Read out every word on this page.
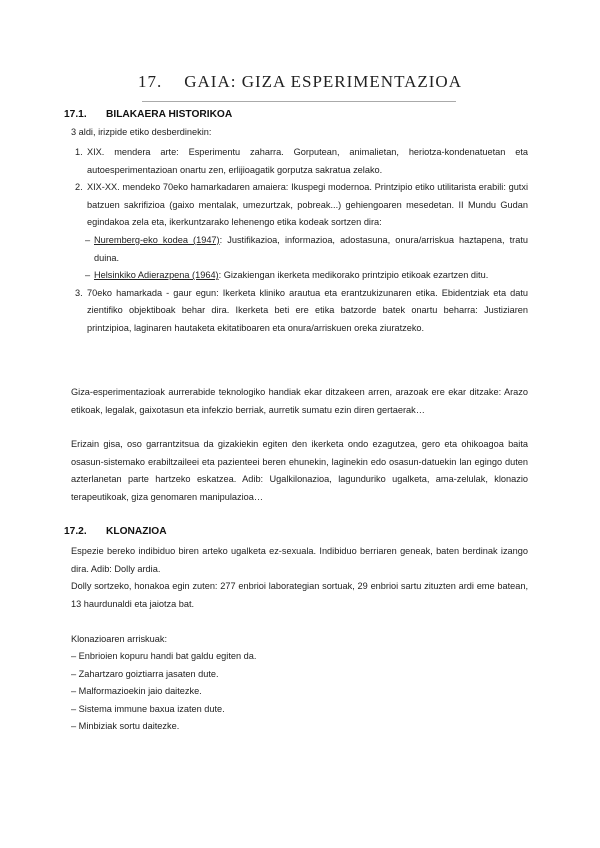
17. GAIA: GIZA ESPERIMENTAZIOA
17.1. BILAKAERA HISTORIKOA
3 aldi, irizpide etiko desberdinekin:
1. XIX. mendera arte: Esperimentu zaharra. Gorputean, animalietan, heriotza-kondenatuetan eta autoesperimentazioan onartu zen, erlijioagatik gorputza sakratua zelako.
2. XIX-XX. mendeko 70eko hamarkadaren amaiera: Ikuspegi modernoa. Printzipio etiko utilitarista erabili: gutxi batzuen sakrifizioa (gaixo mentalak, umezurtzak, pobreak...) gehiengoaren mesedetan. II Mundu Gudan egindakoa zela eta, ikerkuntzarako lehenengo etika kodeak sortzen dira:
– Nuremberg-eko kodea (1947): Justifikazioa, informazioa, adostasuna, onura/arriskua haztapena, tratu duina.
– Helsinkiko Adierazpena (1964): Gizakiengan ikerketa medikorako printzipio etikoak ezartzen ditu.
3. 70eko hamarkada - gaur egun: Ikerketa kliniko arautua eta erantzukizunaren etika. Ebidentziak eta datu zientifiko objektiboak behar dira. Ikerketa beti ere etika batzorde batek onartu beharra: Justiziaren printzipioa, laginaren hautaketa ekitatiboaren eta onura/arriskuen oreka ziuratzeko.

Giza-esperimentazioak aurrerabide teknologiko handiak ekar ditzakeen arren, arazoak ere ekar ditzake: Arazo etikoak, legalak, gaixotasun eta infekzio berriak, aurretik sumatu ezin diren gertaerak…

Erizain gisa, oso garrantzitsua da gizakiekin egiten den ikerketa ondo ezagutzea, gero eta ohikoagoa baita osasun-sistemako erabiltzaileei eta pazienteei beren ehunekin, laginekin edo osasun-datuekin lan egingo duten azterlanetan parte hartzeko eskatzea. Adib: Ugalkilonazioa, lagunduriko ugalketa, ama-zelulak, klonazio terapeutikoak, giza genomaren manipulazioa…

17.2. KLONAZIOA

Espezie bereko indibiduo biren arteko ugalketa ez-sexuala. Indibiduo berriaren geneak, baten berdinak izango dira. Adib: Dolly ardia.

Dolly sortzeko, honakoa egin zuten: 277 enbrioi laborategian sortuak, 29 enbrioi sartu zituzten ardi eme batean, 13 haurdunaldi eta jaiotza bat.

Klonazioaren arriskuak:
– Enbrioien kopuru handi bat galdu egiten da.
– Zahartzaro goiztiarra jasaten dute.
– Malformazioekin jaio daitezke.
– Sistema immune baxua izaten dute.
– Minbiziak sortu daitezke.
